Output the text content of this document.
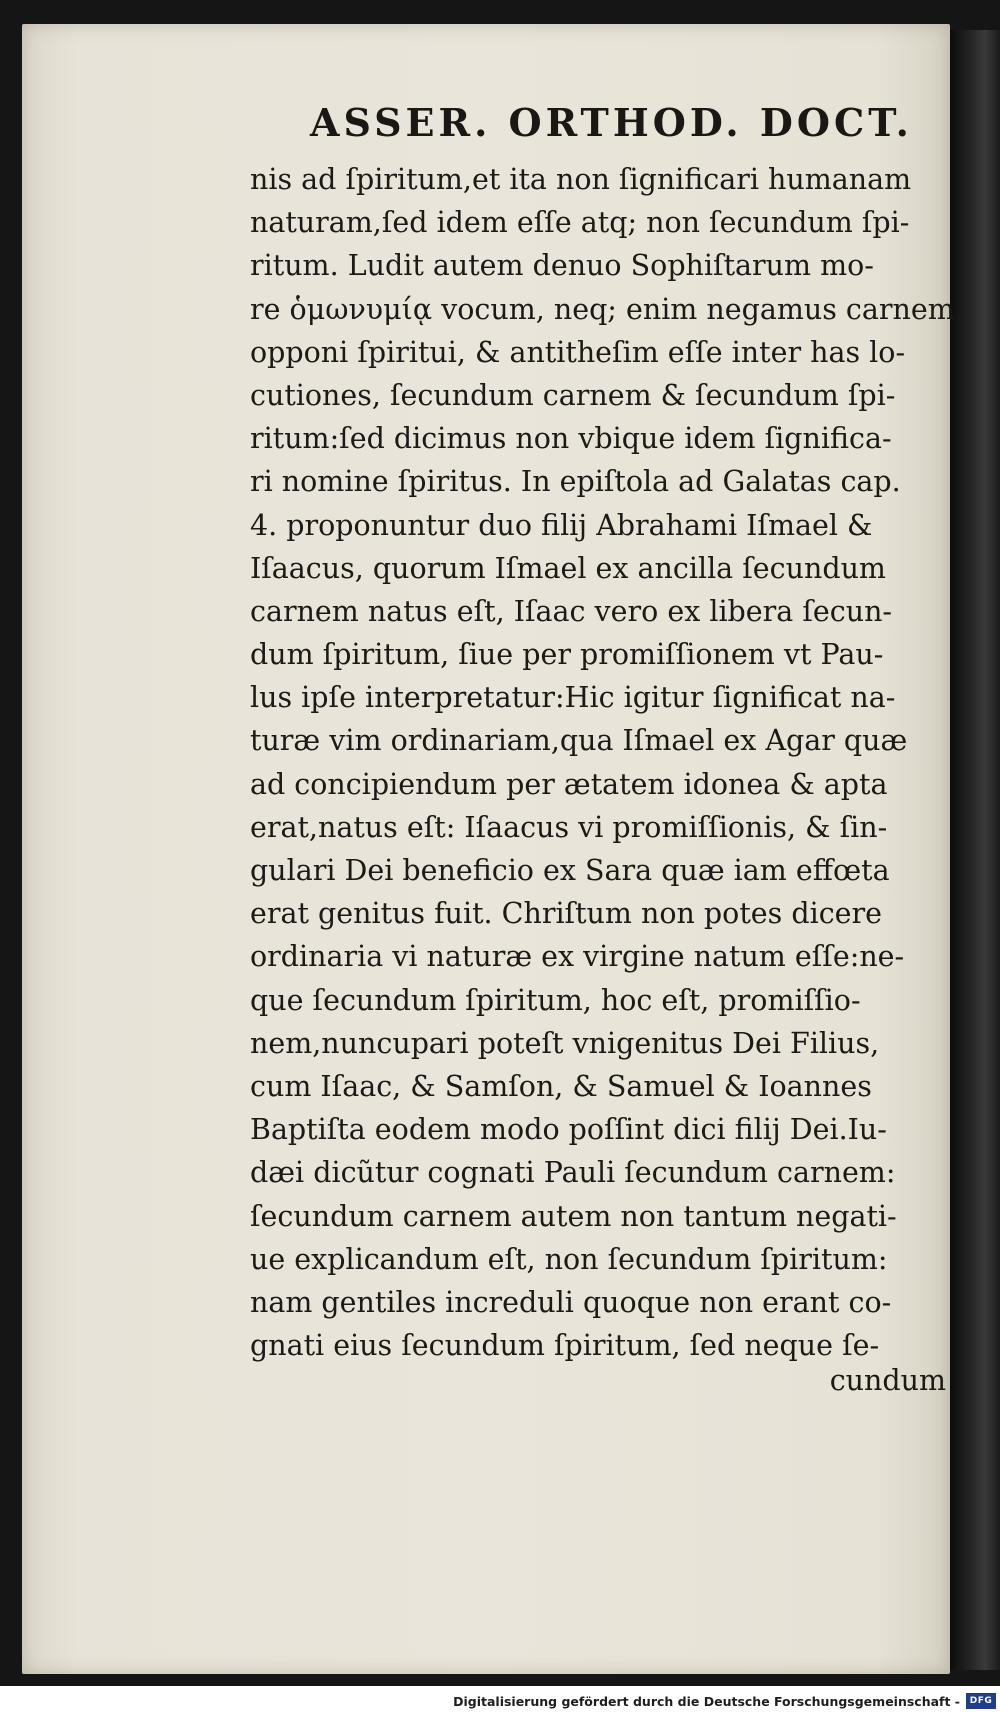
ASSER. ORTHOD. DOCT.
nis ad ſpiritum,et ita non ſignificari humanam
naturam,ſed idem eſſe atq; non ſecundum ſpi-
ritum. Ludit autem denuo Sophiſtarum mo-
re ὁμωνυμίᾳ vocum, neq; enim negamus carnem
opponi ſpiritui, & antitheſim eſſe inter has lo-
cutiones, ſecundum carnem & ſecundum ſpi-
ritum:ſed dicimus non vbique idem ſignifica-
ri nomine ſpiritus. In epiſtola ad Galatas cap.
4. proponuntur duo filij Abrahami Iſmael &
Iſaacus, quorum Iſmael ex ancilla ſecundum
carnem natus eſt, Iſaac vero ex libera ſecun-
dum ſpiritum, ſiue per promiſſionem vt Pau-
lus ipſe interpretatur:Hic igitur ſignificat na-
turæ vim ordinariam,qua Iſmael ex Agar quæ
ad concipiendum per ætatem idonea & apta
erat,natus eſt: Iſaacus vi promiſſionis, & ſin-
gulari Dei beneficio ex Sara quæ iam effœta
erat genitus fuit. Chriſtum non potes dicere
ordinaria vi naturæ ex virgine natum eſſe:ne-
que ſecundum ſpiritum, hoc eſt, promiſſio-
nem,nuncupari poteſt vnigenitus Dei Filius,
cum Iſaac, & Samſon, & Samuel & Ioannes
Baptiſta eodem modo poſſint dici filij Dei.Iu-
dæi dicũtur cognati Pauli ſecundum carnem:
ſecundum carnem autem non tantum negati-
ue explicandum eſt, non ſecundum ſpiritum:
nam gentiles increduli quoque non erant co-
gnati eius ſecundum ſpiritum, ſed neque ſe-
cundum
Digitalisierung gefördert durch die Deutsche Forschungsgemeinschaft -	DFG
